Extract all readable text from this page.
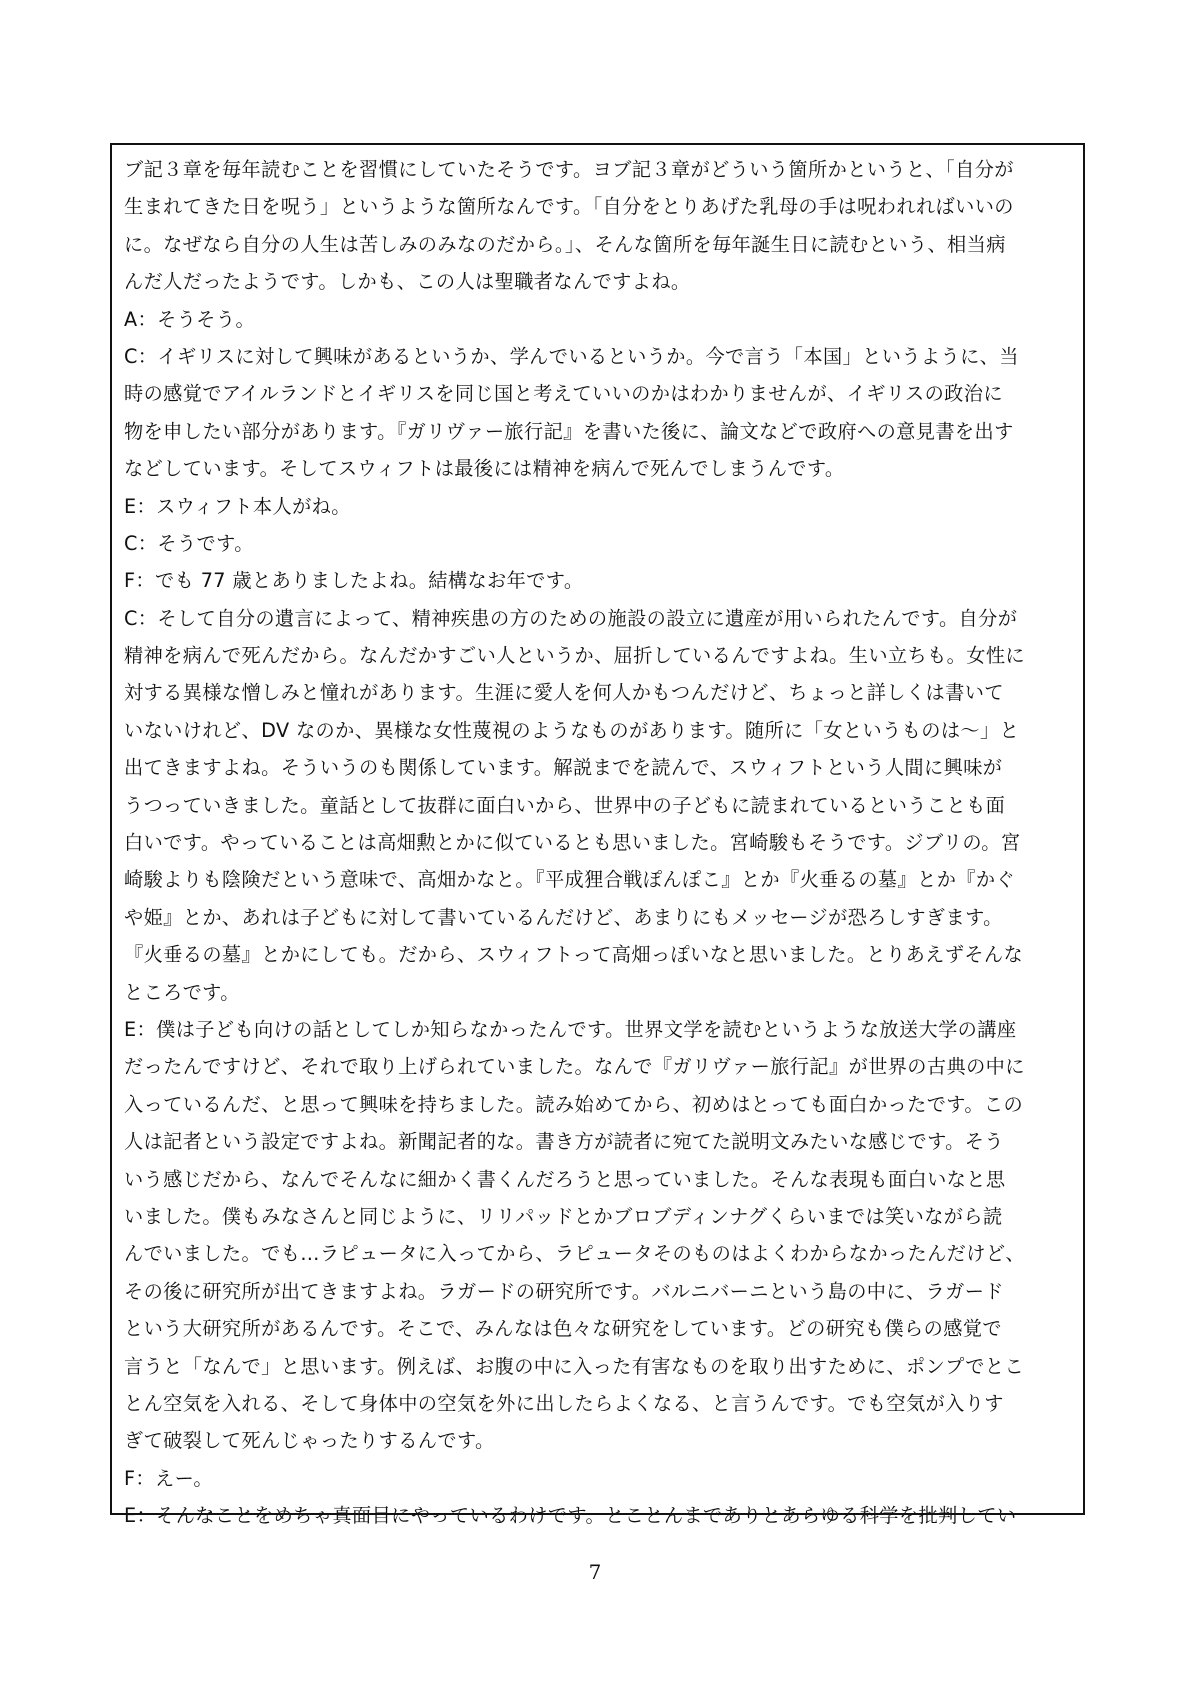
ブ記３章を毎年読むことを習慣にしていたそうです。ヨブ記３章がどういう箇所かというと、「自分が
生まれてきた日を呪う」というような箇所なんです。「自分をとりあげた乳母の手は呪われればいいの
に。なぜなら自分の人生は苦しみのみなのだから。」、そんな箇所を毎年誕生日に読むという、相当病
んだ人だったようです。しかも、この人は聖職者なんですよね。
A：そうそう。
C：イギリスに対して興味があるというか、学んでいるというか。今で言う「本国」というように、当
時の感覚でアイルランドとイギリスを同じ国と考えていいのかはわかりませんが、イギリスの政治に
物を申したい部分があります。『ガリヴァー旅行記』を書いた後に、論文などで政府への意見書を出す
などしています。そしてスウィフトは最後には精神を病んで死んでしまうんです。
E：スウィフト本人がね。
C：そうです。
F：でも 77 歳とありましたよね。結構なお年です。
C：そして自分の遺言によって、精神疾患の方のための施設の設立に遺産が用いられたんです。自分が
精神を病んで死んだから。なんだかすごい人というか、屈折しているんですよね。生い立ちも。女性に
対する異様な憎しみと憧れがあります。生涯に愛人を何人かもつんだけど、ちょっと詳しくは書いて
いないけれど、DV なのか、異様な女性蔑視のようなものがあります。随所に「女というものは～」と
出てきますよね。そういうのも関係しています。解説までを読んで、スウィフトという人間に興味が
うつっていきました。童話として抜群に面白いから、世界中の子どもに読まれているということも面
白いです。やっていることは高畑勲とかに似ているとも思いました。宮崎駿もそうです。ジブリの。宮
崎駿よりも陰険だという意味で、高畑かなと。『平成狸合戦ぽんぽこ』とか『火垂るの墓』とか『かぐ
や姫』とか、あれは子どもに対して書いているんだけど、あまりにもメッセージが恐ろしすぎます。
『火垂るの墓』とかにしても。だから、スウィフトって高畑っぽいなと思いました。とりあえずそんな
ところです。
E：僕は子ども向けの話としてしか知らなかったんです。世界文学を読むというような放送大学の講座
だったんですけど、それで取り上げられていました。なんで『ガリヴァー旅行記』が世界の古典の中に
入っているんだ、と思って興味を持ちました。読み始めてから、初めはとっても面白かったです。この
人は記者という設定ですよね。新聞記者的な。書き方が読者に宛てた説明文みたいな感じです。そう
いう感じだから、なんでそんなに細かく書くんだろうと思っていました。そんな表現も面白いなと思
いました。僕もみなさんと同じように、リリパッドとかブロブディンナグくらいまでは笑いながら読
んでいました。でも…ラピュータに入ってから、ラピュータそのものはよくわからなかったんだけど、
その後に研究所が出てきますよね。ラガードの研究所です。バルニバーニという島の中に、ラガード
という大研究所があるんです。そこで、みんなは色々な研究をしています。どの研究も僕らの感覚で
言うと「なんで」と思います。例えば、お腹の中に入った有害なものを取り出すために、ポンプでとこ
とん空気を入れる、そして身体中の空気を外に出したらよくなる、と言うんです。でも空気が入りす
ぎて破裂して死んじゃったりするんです。
F：えー。
E：そんなことをめちゃ真面目にやっているわけです。とことんまでありとあらゆる科学を批判してい
7
